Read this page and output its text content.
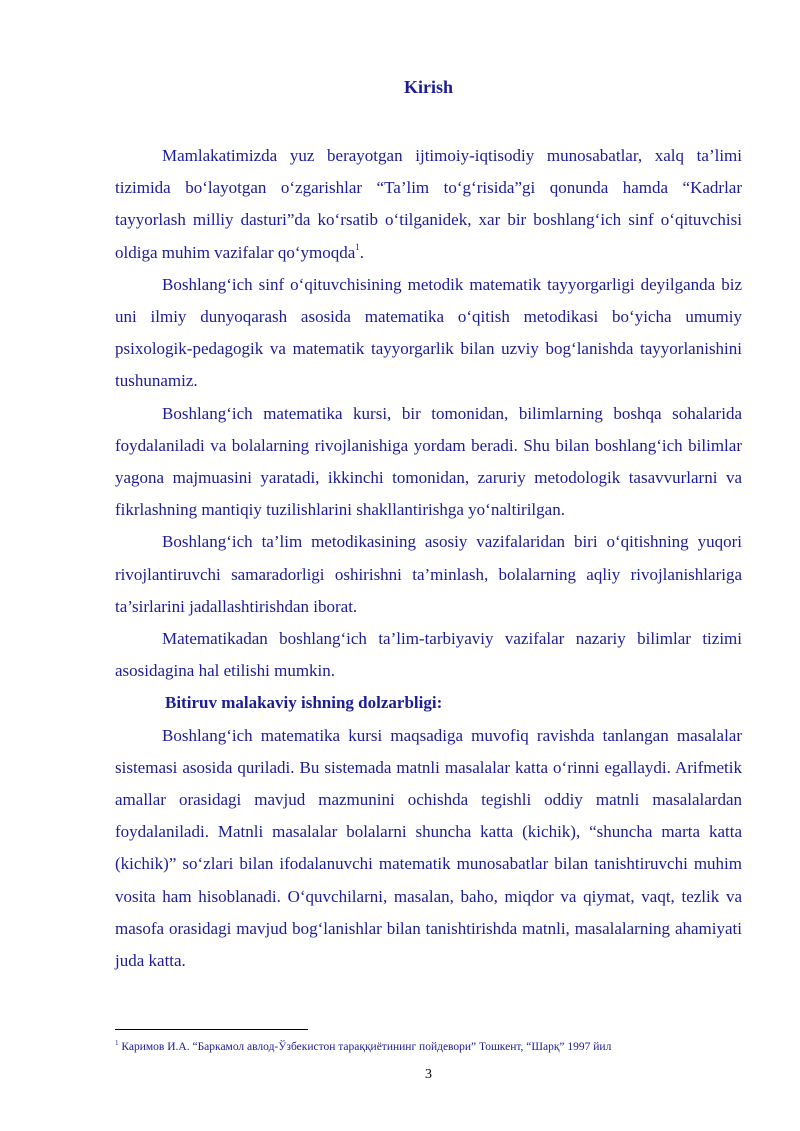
Kirish

Mamlakatimizda yuz berayotgan ijtimoiy-iqtisodiy munosabatlar, xalq ta’limi tizimida bo‘layotgan o‘zgarishlar “Ta’lim to‘g‘risida”gi qonunda hamda “Kadrlar tayyorlash milliy dasturi”da ko‘rsatib o‘tilganidek, xar bir boshlang‘ich sinf o‘qituvchisi oldiga muhim vazifalar qo‘ymoqda$^1$.

Boshlang‘ich sinf o‘qituvchisining metodik matematik tayyorgarligi deyilganda biz uni ilmiy dunyoqarash asosida matematika o‘qitish metodikasi bo‘yicha umumiy psixologik-pedagogik va matematik tayyorgarlik bilan uzviy bog‘lanishda tayyorlanishini tushunamiz.

Boshlang‘ich matematika kursi, bir tomonidan, bilimlarning boshqa sohalarida foydalaniladi va bolalarning rivojlanishiga yordam beradi. Shu bilan boshlang‘ich bilimlar yagona majmuasini yaratadi, ikkinchi tomonidan, zaruriy metodologik tasavvurlarni va fikrlashning mantiqiy tuzilishlarini shakllantirishga yo‘naltirilgan.

Boshlang‘ich ta’lim metodikasining asosiy vazifalaridan biri o‘qitishning yuqori rivojlantiruvchi samaradorligi oshirishni ta’minlash, bolalarning aqliy rivojlanishlariga ta’sirlarini jadallashtirishdan iborat.

Matematikadan boshlang‘ich ta’lim-tarbiyaviy vazifalar nazariy bilimlar tizimi asosidagina hal etilishi mumkin.

Bitiruv malakaviy ishning dolzarbligi:

Boshlang‘ich matematika kursi maqsadiga muvofiq ravishda tanlangan masalalar sistemasi asosida quriladi. Bu sistemada matnli masalalar katta o‘rinni egallaydi. Arifmetik amallar orasidagi mavjud mazmunini ochishda tegishli oddiy matnli masalalardan foydalaniladi. Matnli masalalar bolalarni shuncha katta (kichik), “shuncha marta katta (kichik)” so‘zlari bilan ifodalanuvchi matematik munosabatlar bilan tanishtiruvchi muhim vosita ham hisoblanadi. O‘quvchilarni, masalan, baho, miqdor va qiymat, vaqt, tezlik va masofa orasidagi mavjud bog‘lanishlar bilan tanishtirishda matnli, masalalarning ahamiyati juda katta.

$^1$ Каримов И.А. “Баркамол авлод-Ўзбекистон тараққиётининг пойдевори” Тошкент, “Шарқ” 1997 йил
3
